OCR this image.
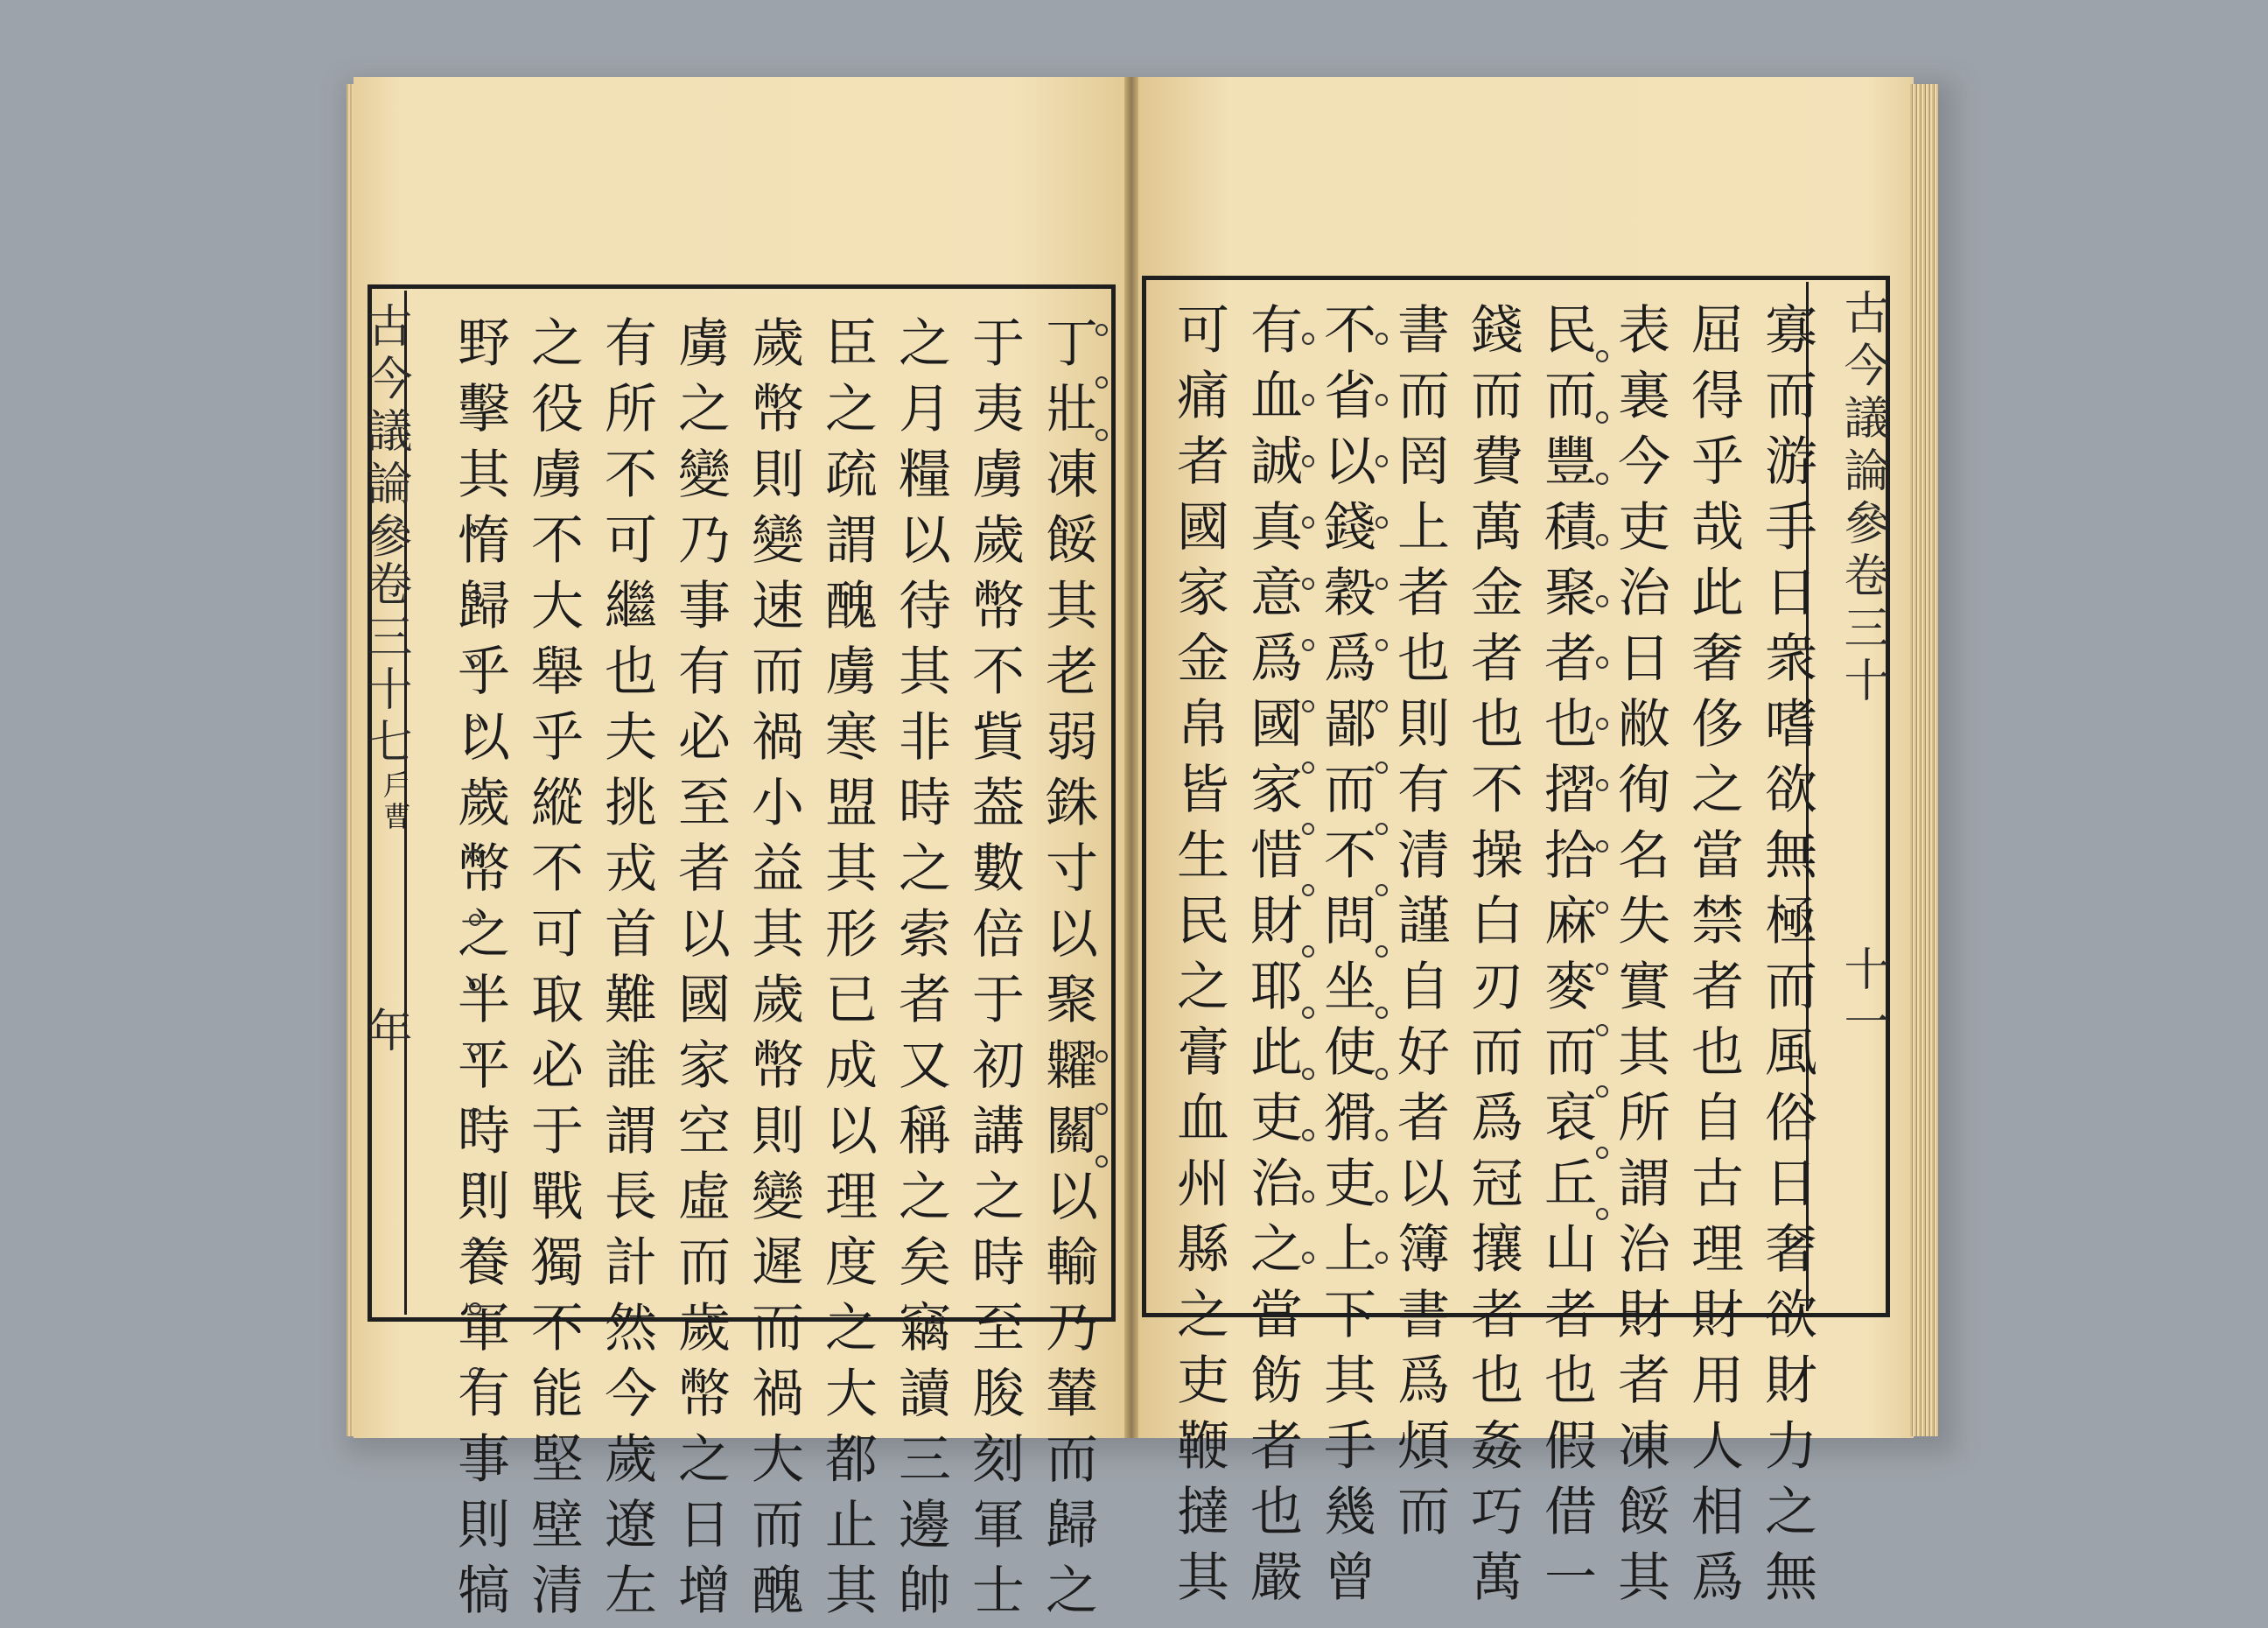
古今議論參
卷三十七
戶曹
年	丁壯凍餒其老弱銖寸以聚糶關以輸乃輦而歸之
于夷虜歲幣不貲葢數倍于初講之時至朘刻軍士
之月糧以待其非時之索者又稱之矣竊讀三邊帥
臣之疏謂醜虜寒盟其形已成以理度之大都止其
歲幣則變速而禍小益其歲幣則變遲而禍大而醜
虜之變乃事有必至者以國家空虛而歲幣之日增
有所不可繼也夫挑戎首難誰謂長計然今歲遼左
之役虜不大舉乎縱不可取必于戰獨不能堅壁清
野擊其惰歸乎以歲幣之半平時則養軍有事則犒	古今議論參
卷三十
十一
寡而游手日衆嗜欲無極而風俗日奢欲財力之無
屈得乎哉此奢侈之當禁者也自古理財用人相爲
表裏今吏治日敝徇名失實其所謂治財者凍餒其
民而豐積聚者也摺拾麻麥而裒丘山者也假借一
錢而費萬金者也不操白刃而爲冠攘者也姦巧萬
書而罔上者也則有清謹自好者以簿書爲煩而
不省以錢穀爲鄙而不問坐使猾吏上下其手幾曾
有血誠真意爲國家惜財耶此吏治之當飭者也嚴
可痛者國家金帛皆生民之膏血州縣之吏鞭撻其
